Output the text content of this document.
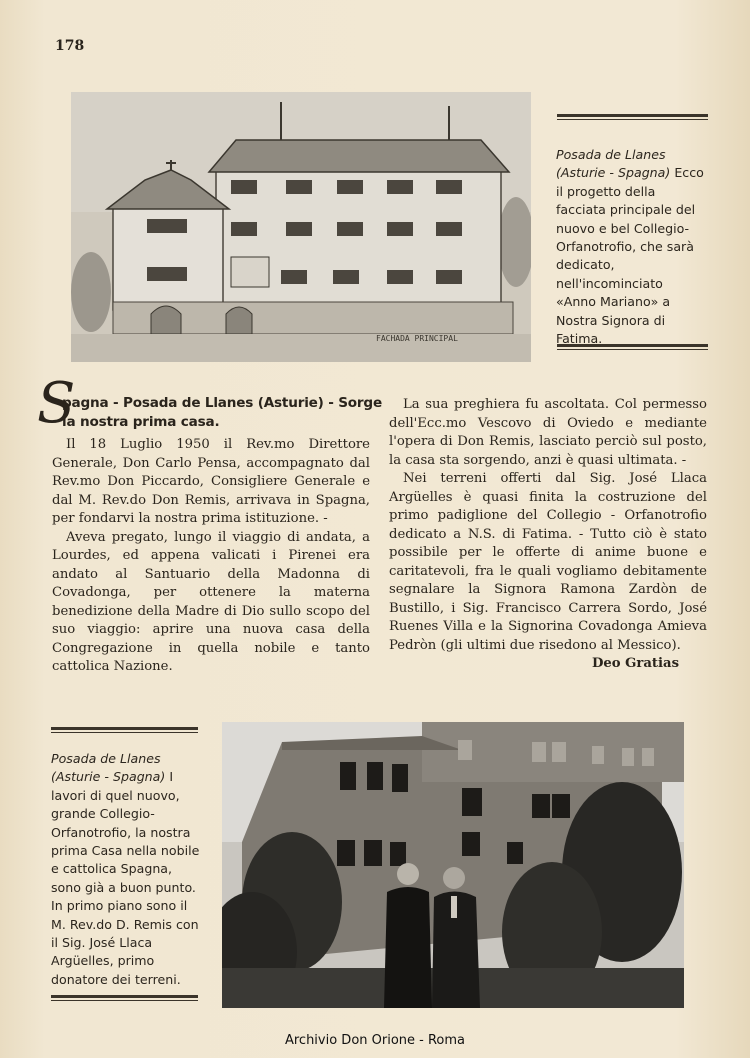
178
FACHADA PRINCIPAL
Posada de Llanes (Asturie - Spagna) Ecco il progetto della facciata principale del nuovo e bel Collegio-Orfanotrofio, che sarà dedicato, nell'incominciato «Anno Mariano» a Nostra Signora di Fatima.
S
pagna - Posada de Llanes (Asturie) - Sorge la nostra prima casa.

Il 18 Luglio 1950 il Rev.mo Direttore Generale, Don Carlo Pensa, accompagnato dal Rev.mo Don Piccardo, Consigliere Generale e dal M. Rev.do Don Remis, arrivava in Spagna, per fondarvi la nostra prima istituzione. -

Aveva pregato, lungo il viaggio di andata, a Lourdes, ed appena valicati i Pirenei era andato al Santuario della Madonna di Covadonga, per ottenere la materna benedizione della Madre di Dio sullo scopo del suo viaggio: aprire una nuova casa della Congregazione in quella nobile e tanto cattolica Nazione.

La sua preghiera fu ascoltata. Col permesso dell'Ecc.mo Vescovo di Oviedo e mediante l'opera di Don Remis, lasciato perciò sul posto, la casa sta sorgendo, anzi è quasi ultimata. -

Nei terreni offerti dal Sig. José Llaca Argüelles è quasi finita la costruzione del primo padiglione del Collegio - Orfanotrofio dedicato a N.S. di Fatima. - Tutto ciò è stato possibile per le offerte di anime buone e caritatevoli, fra le quali vogliamo debitamente segnalare la Signora Ramona Zardòn de Bustillo, i Sig. Francisco Carrera Sordo, José Ruenes Villa e la Signorina Covadonga Amieva Pedròn (gli ultimi due risedono al Messico).
Deo Gratias

Posada de Llanes (Asturie - Spagna) I lavori di quel nuovo, grande Collegio-Orfanotrofio, la nostra prima Casa nella nobile e cattolica Spagna, sono già a buon punto. In primo piano sono il M. Rev.do D. Remis con il Sig. José Llaca Argüelles, primo donatore dei terreni.
Archivio Don Orione - Roma
